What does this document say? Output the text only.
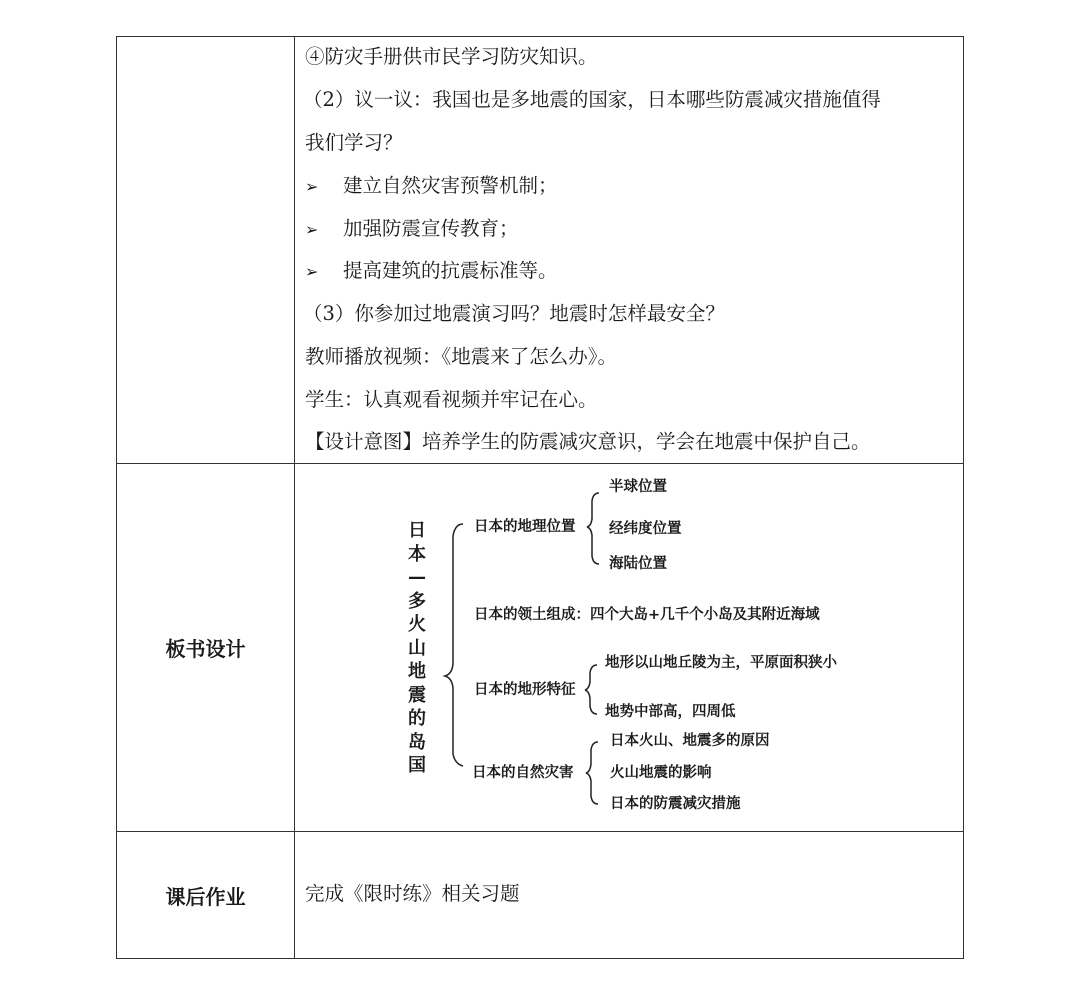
④防灾手册供市民学习防灾知识。
（2）议一议：我国也是多地震的国家，日本哪些防震减灾措施值得
我们学习？
➢ 建立自然灾害预警机制；
➢ 加强防震宣传教育；
➢ 提高建筑的抗震标准等。
（3）你参加过地震演习吗？地震时怎样最安全？
教师播放视频：《地震来了怎么办》。
学生：认真观看视频并牢记在心。
【设计意图】培养学生的防震减灾意识，学会在地震中保护自己。
板书设计
日
本
—
多
火
山
地
震
的
岛
国
日本的地理位置
半球位置
经纬度位置
海陆位置
日本的领土组成：四个大岛+几千个小岛及其附近海域
日本的地形特征
地形以山地丘陵为主，平原面积狭小
地势中部高，四周低
日本的自然灾害
日本火山、地震多的原因
火山地震的影响
日本的防震减灾措施
课后作业	完成《限时练》相关习题
